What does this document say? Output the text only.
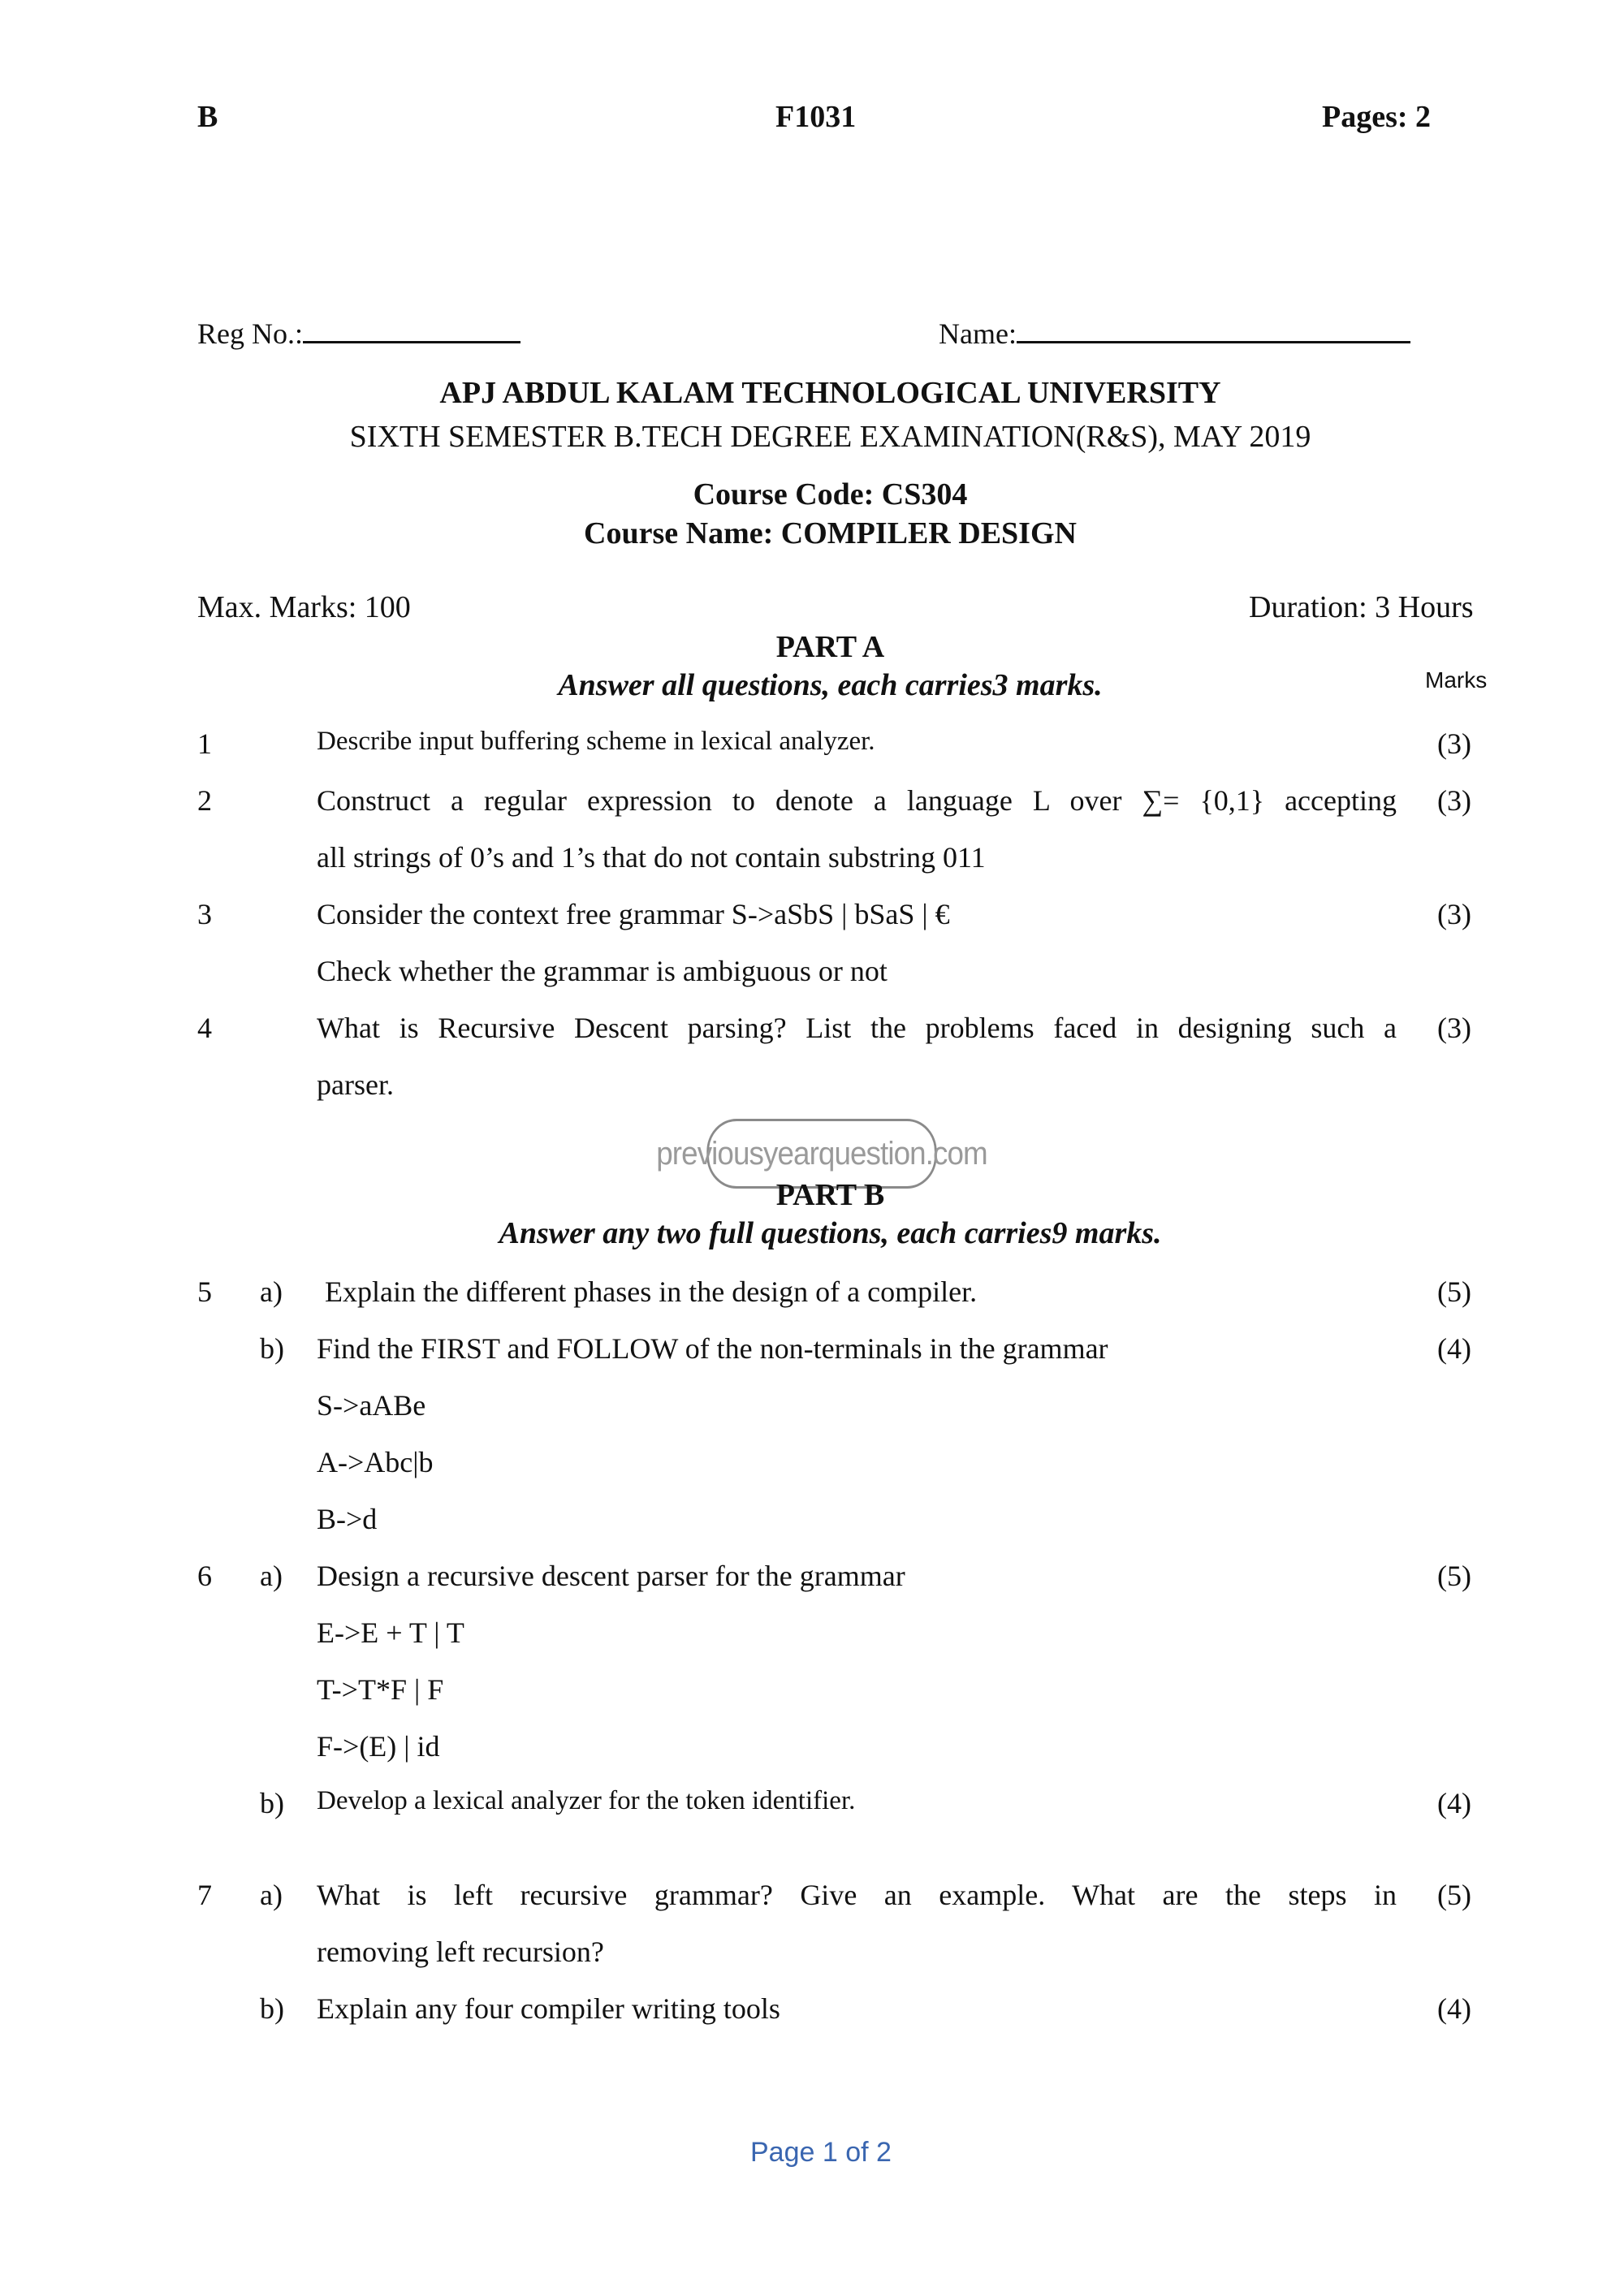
B	F1031	Pages: 2
Reg No.:	Name:
APJ ABDUL KALAM TECHNOLOGICAL UNIVERSITY
SIXTH SEMESTER B.TECH DEGREE EXAMINATION(R&S), MAY 2019
Course Code: CS304
Course Name: COMPILER DESIGN
Max. Marks: 100	Duration: 3 Hours
PART A
Answer all questions, each carries3 marks.	Marks
1	Describe input buffering scheme in lexical analyzer.	(3)
2	Construct a regular expression to denote a language L over ∑= {0,1} accepting
all strings of 0’s and 1’s that do not contain substring 011
(3)
3	Consider the context free grammar S->aSbS | bSaS | €
Check whether the grammar is ambiguous or not
(3)
4	What is Recursive Descent parsing? List the problems faced in designing such a
parser.
(3)
previousyearquestion.com
PART B
Answer any two full questions, each carries9 marks.
5 a) Explain the different phases in the design of a compiler.	(5)
b) Find the FIRST and FOLLOW of the non-terminals in the grammar
S->aABe
A->Abc|b
B->d
(4)
6 a) Design a recursive descent parser for the grammar
E->E + T | T
T->T*F | F
F->(E) | id
(5)
b) Develop a lexical analyzer for the token identifier.	(4)
7 a) What is left recursive grammar? Give an example. What are the steps in
removing left recursion?
(5)
b) Explain any four compiler writing tools	(4)
Page 1 of 2
